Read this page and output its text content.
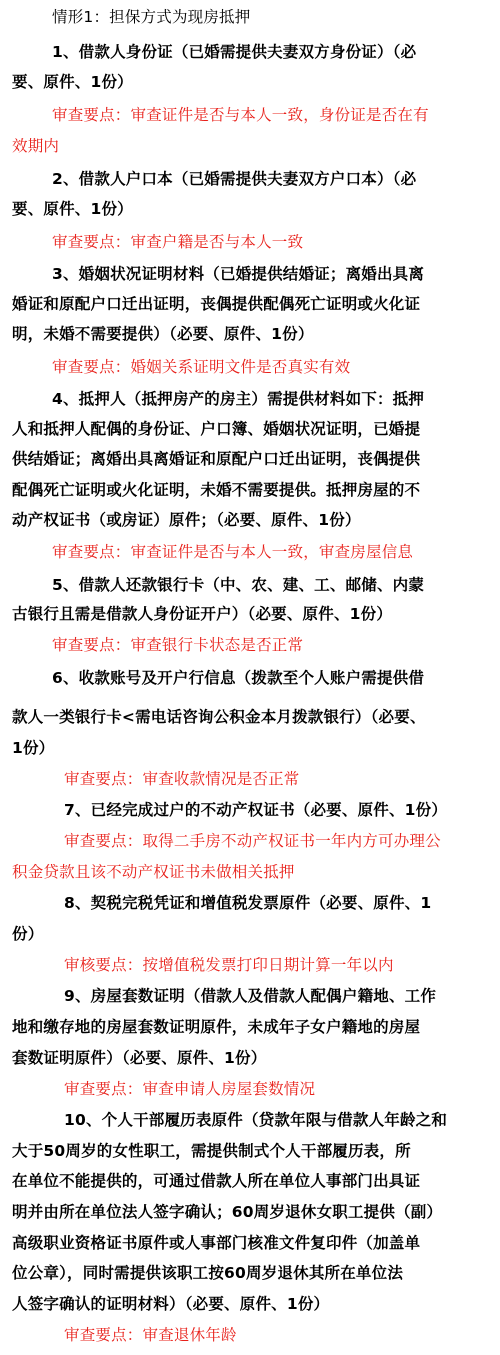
情形1：担保方式为现房抵押
1、借款人身份证（已婚需提供夫妻双方身份证）（必
要、原件、1份）
审查要点：审查证件是否与本人一致，身份证是否在有
效期内
2、借款人户口本（已婚需提供夫妻双方户口本）（必
要、原件、1份）
审查要点：审查户籍是否与本人一致
3、婚姻状况证明材料（已婚提供结婚证；离婚出具离
婚证和原配户口迁出证明，丧偶提供配偶死亡证明或火化证
明，未婚不需要提供）（必要、原件、1份）
审查要点：婚姻关系证明文件是否真实有效
4、抵押人（抵押房产的房主）需提供材料如下：抵押
人和抵押人配偶的身份证、户口簿、婚姻状况证明，已婚提
供结婚证；离婚出具离婚证和原配户口迁出证明，丧偶提供
配偶死亡证明或火化证明，未婚不需要提供。抵押房屋的不
动产权证书（或房证）原件；（必要、原件、1份）
审查要点：审查证件是否与本人一致，审查房屋信息
5、借款人还款银行卡（中、农、建、工、邮储、内蒙
古银行且需是借款人身份证开户）（必要、原件、1份）
审查要点：审查银行卡状态是否正常
6、收款账号及开户行信息（拨款至个人账户需提供借
款人一类银行卡<需电话咨询公积金本月拨款银行）（必要、
1份）
审查要点：审查收款情况是否正常
7、已经完成过户的不动产权证书（必要、原件、1份）
审查要点：取得二手房不动产权证书一年内方可办理公
积金贷款且该不动产权证书未做相关抵押
8、契税完税凭证和增值税发票原件（必要、原件、1
份）
审核要点：按增值税发票打印日期计算一年以内
9、房屋套数证明（借款人及借款人配偶户籍地、工作
地和缴存地的房屋套数证明原件，未成年子女户籍地的房屋
套数证明原件）（必要、原件、1份）
审查要点：审查申请人房屋套数情况
10、个人干部履历表原件（贷款年限与借款人年龄之和
大于50周岁的女性职工，需提供制式个人干部履历表，所
在单位不能提供的，可通过借款人所在单位人事部门出具证
明并由所在单位法人签字确认；60周岁退休女职工提供（副）
高级职业资格证书原件或人事部门核准文件复印件（加盖单
位公章），同时需提供该职工按60周岁退休其所在单位法
人签字确认的证明材料）（必要、原件、1份）
审查要点：审查退休年龄
